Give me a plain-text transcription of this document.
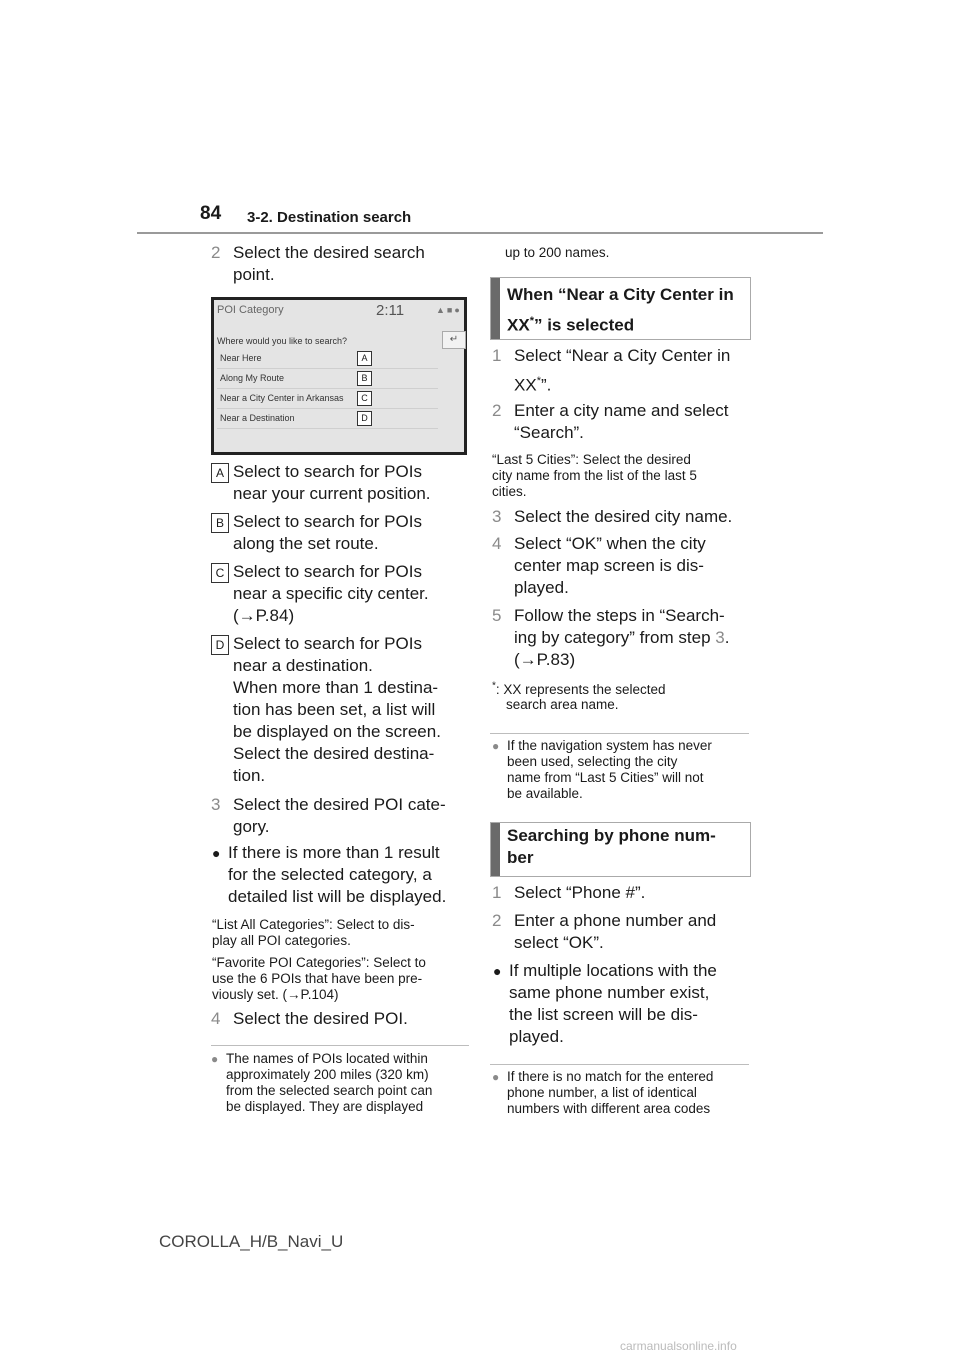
84 3-2. Destination search
2 Select the desired search
point.
POI Category	2:11	▲■●
Where would you like to search?	↵
Near Here	A
Along My Route	B
Near a City Center in Arkansas	C
Near a Destination	D
A Select to search for POIs
near your current position.
B Select to search for POIs
along the set route.
C Select to search for POIs
near a specific city center.
(→P.84)
D Select to search for POIs
near a destination.
When more than 1 destina-
tion has been set, a list will
be displayed on the screen.
Select the desired destina-
tion.
3 Select the desired POI cate-
gory.
● If there is more than 1 result
for the selected category, a
detailed list will be displayed.
“List All Categories”: Select to dis-
play all POI categories.
“Favorite POI Categories”: Select to
use the 6 POIs that have been pre-
viously set. (→P.104)
4 Select the desired POI.
● The names of POIs located within
approximately 200 miles (320 km)
from the selected search point can
be displayed. They are displayed
up to 200 names.
When “Near a City Center in
XX*” is selected
1 Select “Near a City Center in
XX*”.
2 Enter a city name and select
“Search”.
“Last 5 Cities”: Select the desired
city name from the list of the last 5
cities.
3 Select the desired city name.
4 Select “OK” when the city
center map screen is dis-
played.
5 Follow the steps in “Search-
ing by category” from step 3.
(→P.83)
*: XX represents the selected
search area name.
● If the navigation system has never
been used, selecting the city
name from “Last 5 Cities” will not
be available.
Searching by phone num-
ber
1 Select “Phone #”.
2 Enter a phone number and
select “OK”.
● If multiple locations with the
same phone number exist,
the list screen will be dis-
played.
● If there is no match for the entered
phone number, a list of identical
numbers with different area codes
COROLLA_H/B_Navi_U
carmanualsonline.info
